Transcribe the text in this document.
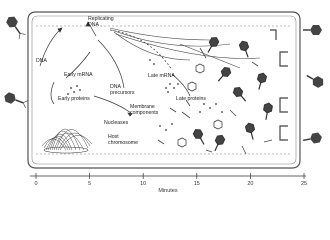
Replicating DNA
DNA
Early mRNA
Early proteins
DNA precursors
Late mRNA
Late proteins
Membrane components
Nucleases
Host chromosome
0	5	10	15	20	25
Minutes
